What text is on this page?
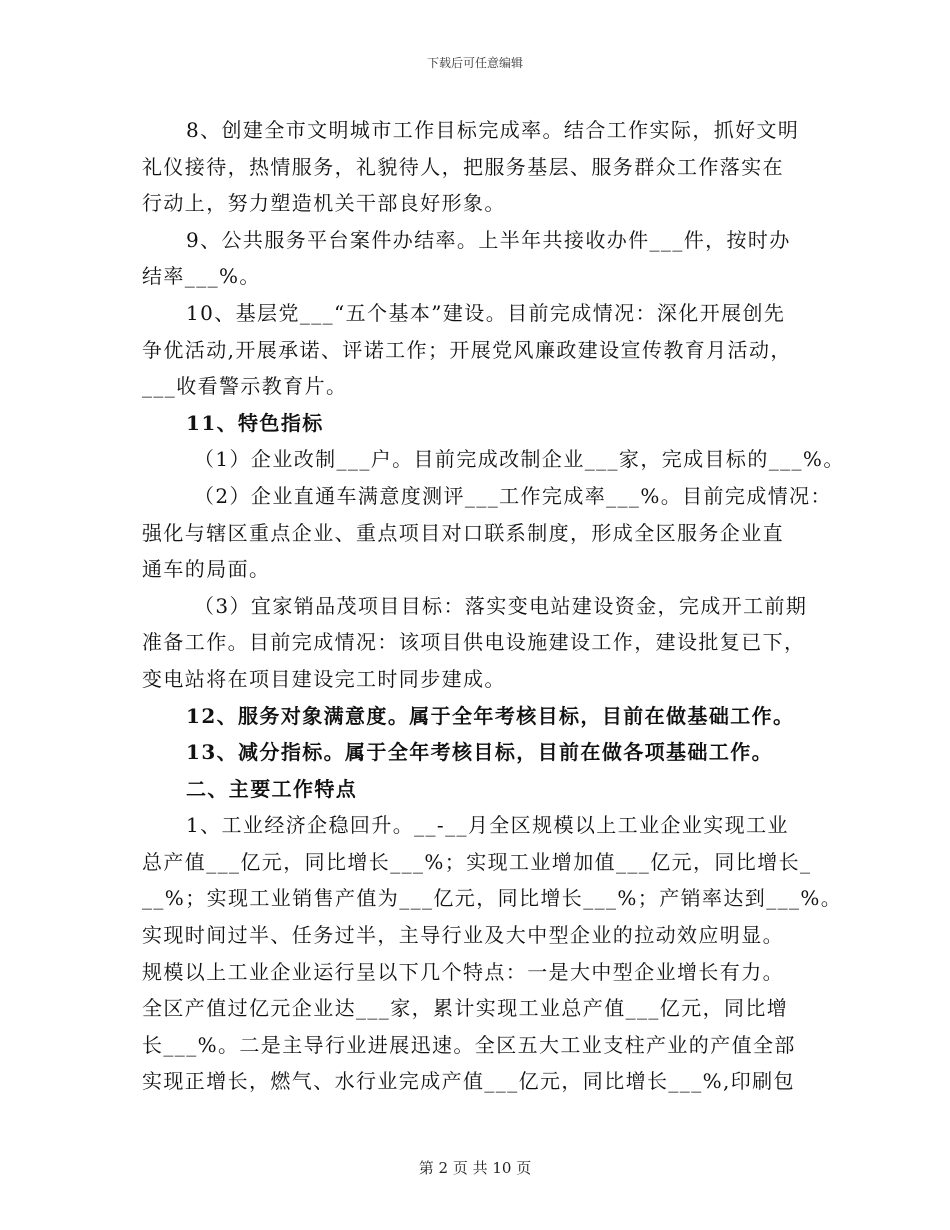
下载后可任意编辑
8、创建全市文明城市工作目标完成率。结合工作实际，抓好文明
礼仪接待，热情服务，礼貌待人，把服务基层、服务群众工作落实在
行动上，努力塑造机关干部良好形象。
9、公共服务平台案件办结率。上半年共接收办件___件，按时办
结率___%。
10、基层党___“五个基本”建设。目前完成情况：深化开展创先
争优活动,开展承诺、评诺工作；开展党风廉政建设宣传教育月活动，
___收看警示教育片。
11、特色指标
（1）企业改制___户。目前完成改制企业___家，完成目标的___%。
（2）企业直通车满意度测评___工作完成率___%。目前完成情况：
强化与辖区重点企业、重点项目对口联系制度，形成全区服务企业直
通车的局面。
（3）宜家销品茂项目目标：落实变电站建设资金，完成开工前期
准备工作。目前完成情况：该项目供电设施建设工作，建设批复已下，
变电站将在项目建设完工时同步建成。
12、服务对象满意度。属于全年考核目标，目前在做基础工作。
13、减分指标。属于全年考核目标，目前在做各项基础工作。
二、主要工作特点
1、工业经济企稳回升。__-__月全区规模以上工业企业实现工业
总产值___亿元，同比增长___%；实现工业增加值___亿元，同比增长_
__%；实现工业销售产值为___亿元，同比增长___%；产销率达到___%。
实现时间过半、任务过半，主导行业及大中型企业的拉动效应明显。
规模以上工业企业运行呈以下几个特点：一是大中型企业增长有力。
全区产值过亿元企业达___家，累计实现工业总产值___亿元，同比增
长___%。二是主导行业进展迅速。全区五大工业支柱产业的产值全部
实现正增长，燃气、水行业完成产值___亿元，同比增长___%,印刷包
第 2 页 共 10 页
